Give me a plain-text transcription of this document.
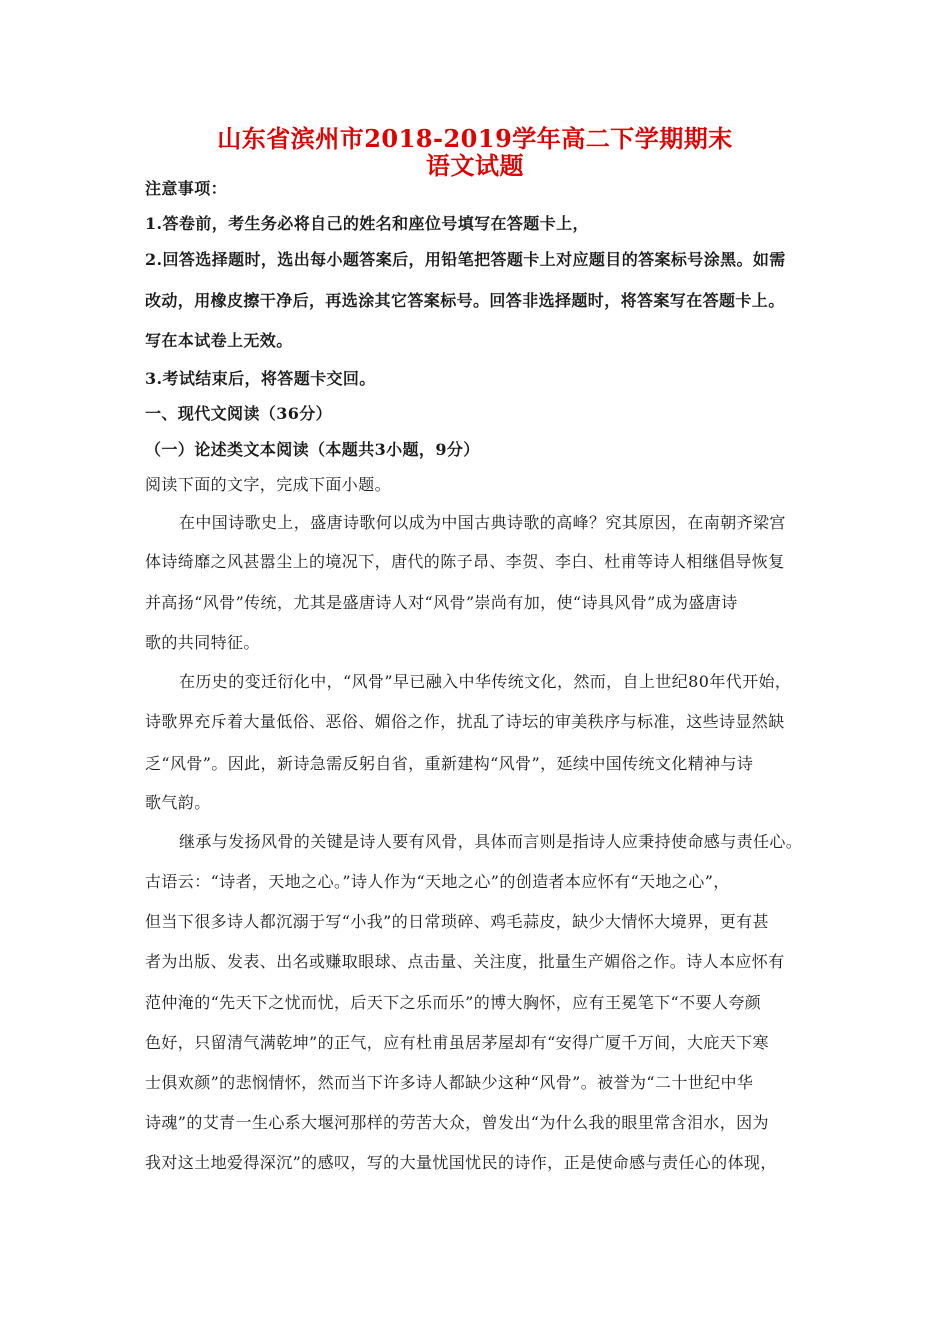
山东省滨州市2018-2019学年高二下学期期末
语文试题
注意事项：
1.答卷前，考生务必将自己的姓名和座位号填写在答题卡上，
2.回答选择题时，选出每小题答案后，用铅笔把答题卡上对应题目的答案标号涂黑。如需
改动，用橡皮擦干净后，再选涂其它答案标号。回答非选择题时，将答案写在答题卡上。
写在本试卷上无效。
3.考试结束后，将答题卡交回。
一、现代文阅读（36分）
（一）论述类文本阅读（本题共3小题，9分）
阅读下面的文字，完成下面小题。
在中国诗歌史上，盛唐诗歌何以成为中国古典诗歌的高峰？究其原因，在南朝齐梁宫
体诗绮靡之风甚嚣尘上的境况下，唐代的陈子昂、李贺、李白、杜甫等诗人相继倡导恢复
并高扬“风骨”传统，尤其是盛唐诗人对“风骨”崇尚有加，使“诗具风骨”成为盛唐诗
歌的共同特征。
在历史的变迁衍化中，“风骨”早已融入中华传统文化，然而，自上世纪80年代开始，
诗歌界充斥着大量低俗、恶俗、媚俗之作，扰乱了诗坛的审美秩序与标准，这些诗显然缺
乏“风骨”。因此，新诗急需反躬自省，重新建构“风骨”，延续中国传统文化精神与诗
歌气韵。
继承与发扬风骨的关键是诗人要有风骨，具体而言则是指诗人应秉持使命感与责任心。
古语云：“诗者，天地之心。”诗人作为“天地之心”的创造者本应怀有“天地之心”，
但当下很多诗人都沉溺于写“小我”的日常琐碎、鸡毛蒜皮，缺少大情怀大境界，更有甚
者为出版、发表、出名或赚取眼球、点击量、关注度，批量生产媚俗之作。诗人本应怀有
范仲淹的“先天下之忧而忧，后天下之乐而乐”的博大胸怀，应有王冕笔下“不要人夸颜
色好，只留清气满乾坤”的正气，应有杜甫虽居茅屋却有“安得广厦千万间，大庇天下寒
士俱欢颜”的悲悯情怀，然而当下许多诗人都缺少这种“风骨”。被誉为“二十世纪中华
诗魂”的艾青一生心系大堰河那样的劳苦大众，曾发出“为什么我的眼里常含泪水，因为
我对这土地爱得深沉”的感叹，写的大量忧国忧民的诗作，正是使命感与责任心的体现，
